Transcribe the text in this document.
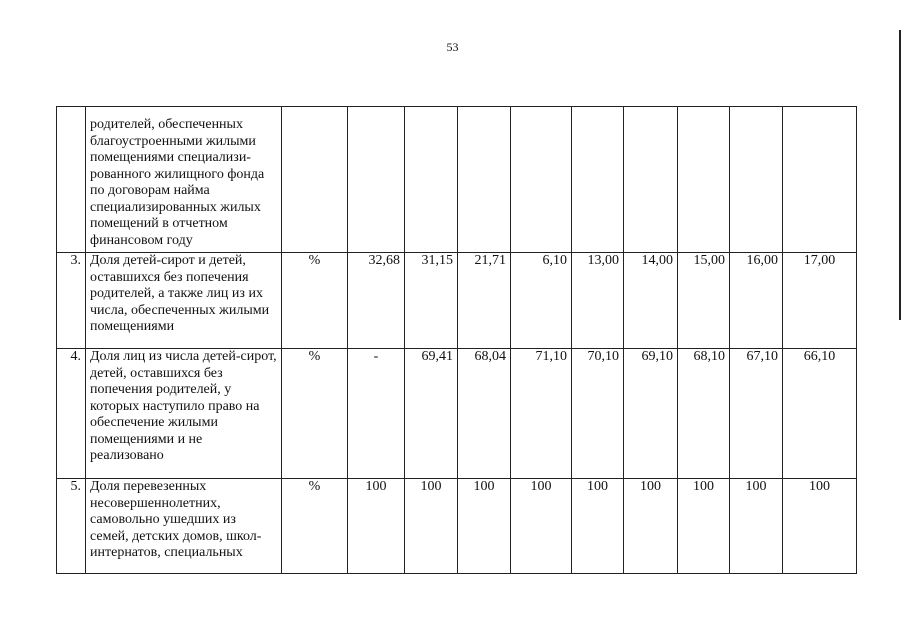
53
	родителей, обеспеченных благоустроенными жилыми помещениями специализи-рованного жилищного фонда по договорам найма специализированных жилых помещений в отчетном финансовом году										
3.	Доля детей-сирот и детей, оставшихся без попечения родителей, а также лиц из их числа, обеспеченных жилыми помещениями	%	32,68	31,15	21,71	6,10	13,00	14,00	15,00	16,00	17,00
4.	Доля лиц из числа детей-сирот, детей, оставшихся без попечения родителей, у которых наступило право на обеспечение жилыми помещениями и не реализовано	%	-	69,41	68,04	71,10	70,10	69,10	68,10	67,10	66,10
5.	Доля перевезенных несовершеннолетних, самовольно ушедших из семей, детских домов, школ-интернатов, специальных	%	100	100	100	100	100	100	100	100	100
